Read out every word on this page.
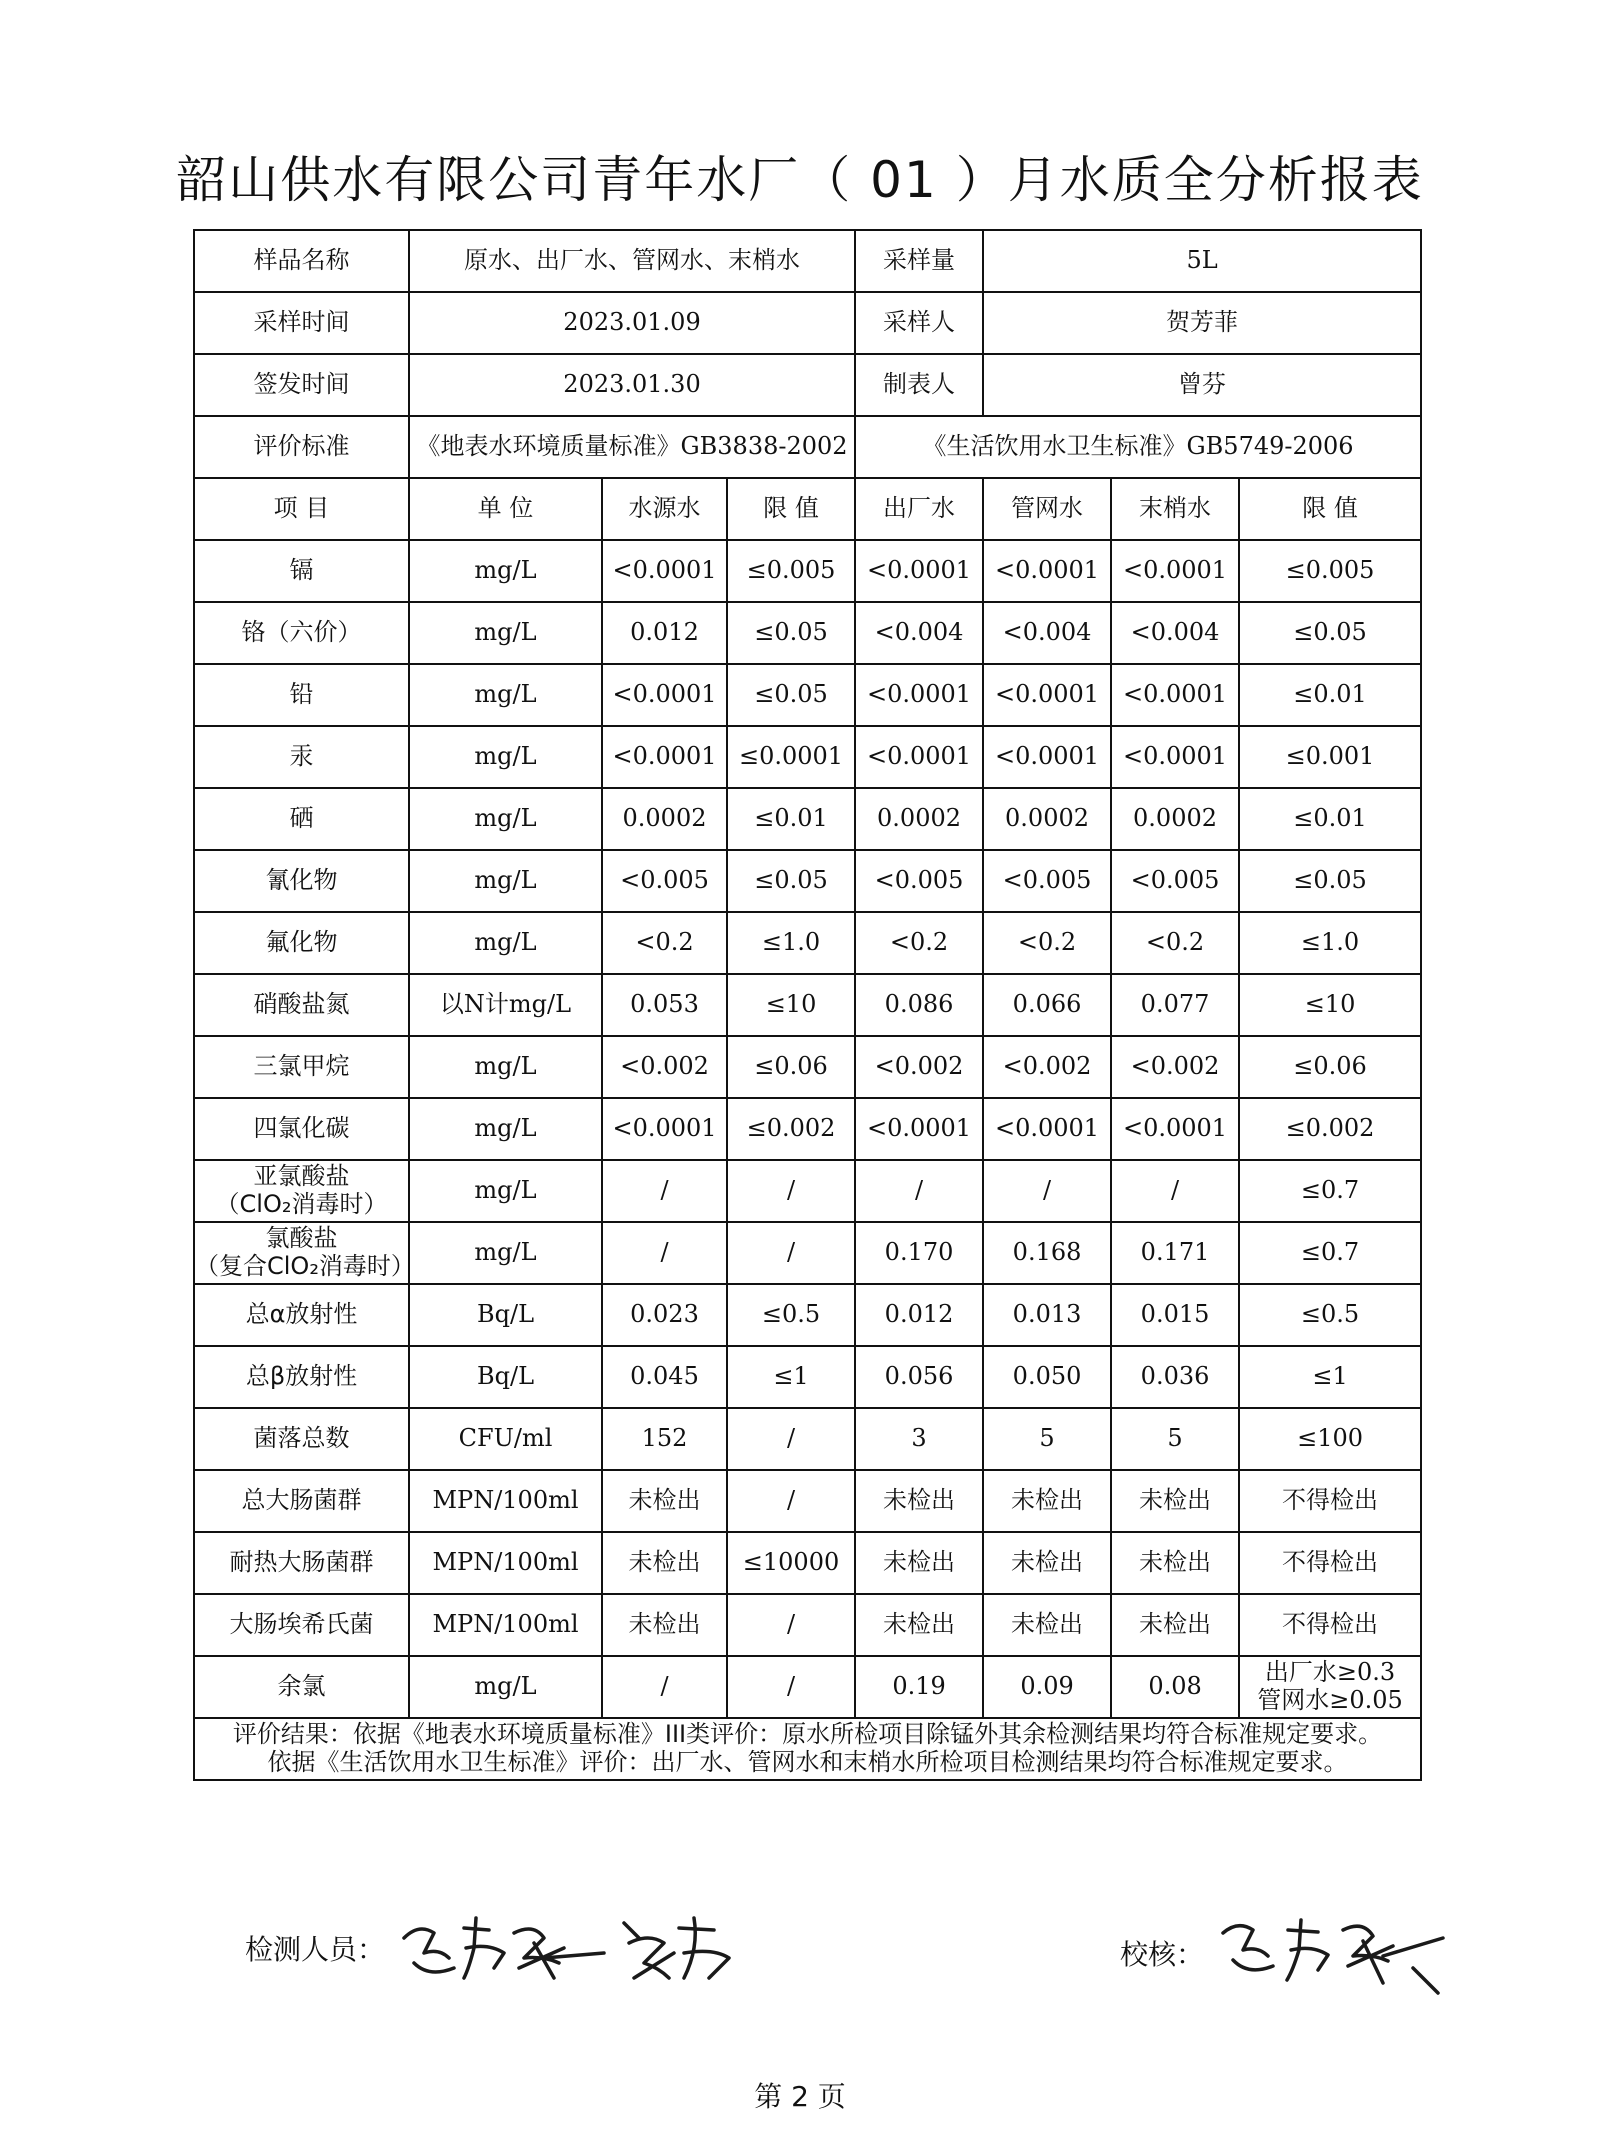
韶山供水有限公司青年水厂（ 01 ）月水质全分析报表
样品名称	原水、出厂水、管网水、末梢水			采样量	5L		
采样时间	2023.01.09			采样人	贺芳菲		
签发时间	2023.01.30			制表人	曾芬		
评价标准	《地表水环境质量标准》GB3838-2002			《生活饮用水卫生标准》GB5749-2006			
项 目	单 位	水源水	限 值	出厂水	管网水	末梢水	限 值

镉	mg/L	<0.0001	≤0.005	<0.0001	<0.0001	<0.0001	≤0.005

铬（六价）	mg/L	0.012	≤0.05	<0.004	<0.004	<0.004	≤0.05

铅	mg/L	<0.0001	≤0.05	<0.0001	<0.0001	<0.0001	≤0.01

汞	mg/L	<0.0001	≤0.0001	<0.0001	<0.0001	<0.0001	≤0.001

硒	mg/L	0.0002	≤0.01	0.0002	0.0002	0.0002	≤0.01

氰化物	mg/L	<0.005	≤0.05	<0.005	<0.005	<0.005	≤0.05

氟化物	mg/L	<0.2	≤1.0	<0.2	<0.2	<0.2	≤1.0

硝酸盐氮	以N计mg/L	0.053	≤10	0.086	0.066	0.077	≤10

三氯甲烷	mg/L	<0.002	≤0.06	<0.002	<0.002	<0.002	≤0.06

四氯化碳	mg/L	<0.0001	≤0.002	<0.0001	<0.0001	<0.0001	≤0.002

亚氯酸盐
（ClO₂消毒时）	mg/L	/	/	/	/	/	≤0.7

氯酸盐
（复合ClO₂消毒时）	mg/L	/	/	0.170	0.168	0.171	≤0.7

总α放射性	Bq/L	0.023	≤0.5	0.012	0.013	0.015	≤0.5

总β放射性	Bq/L	0.045	≤1	0.056	0.050	0.036	≤1

菌落总数	CFU/ml	152	/	3	5	5	≤100

总大肠菌群	MPN/100ml	未检出	/	未检出	未检出	未检出	不得检出

耐热大肠菌群	MPN/100ml	未检出	≤10000	未检出	未检出	未检出	不得检出

大肠埃希氏菌	MPN/100ml	未检出	/	未检出	未检出	未检出	不得检出

余氯	mg/L	/	/	0.19	0.09	0.08	出厂水≥0.3
管网水≥0.05

评价结果：依据《地表水环境质量标准》III类评价：原水所检项目除锰外其余检测结果均符合标准规定要求。
依据《生活饮用水卫生标准》评价：出厂水、管网水和末梢水所检项目检测结果均符合标准规定要求。							
检测人员：	校核：
第 2 页
